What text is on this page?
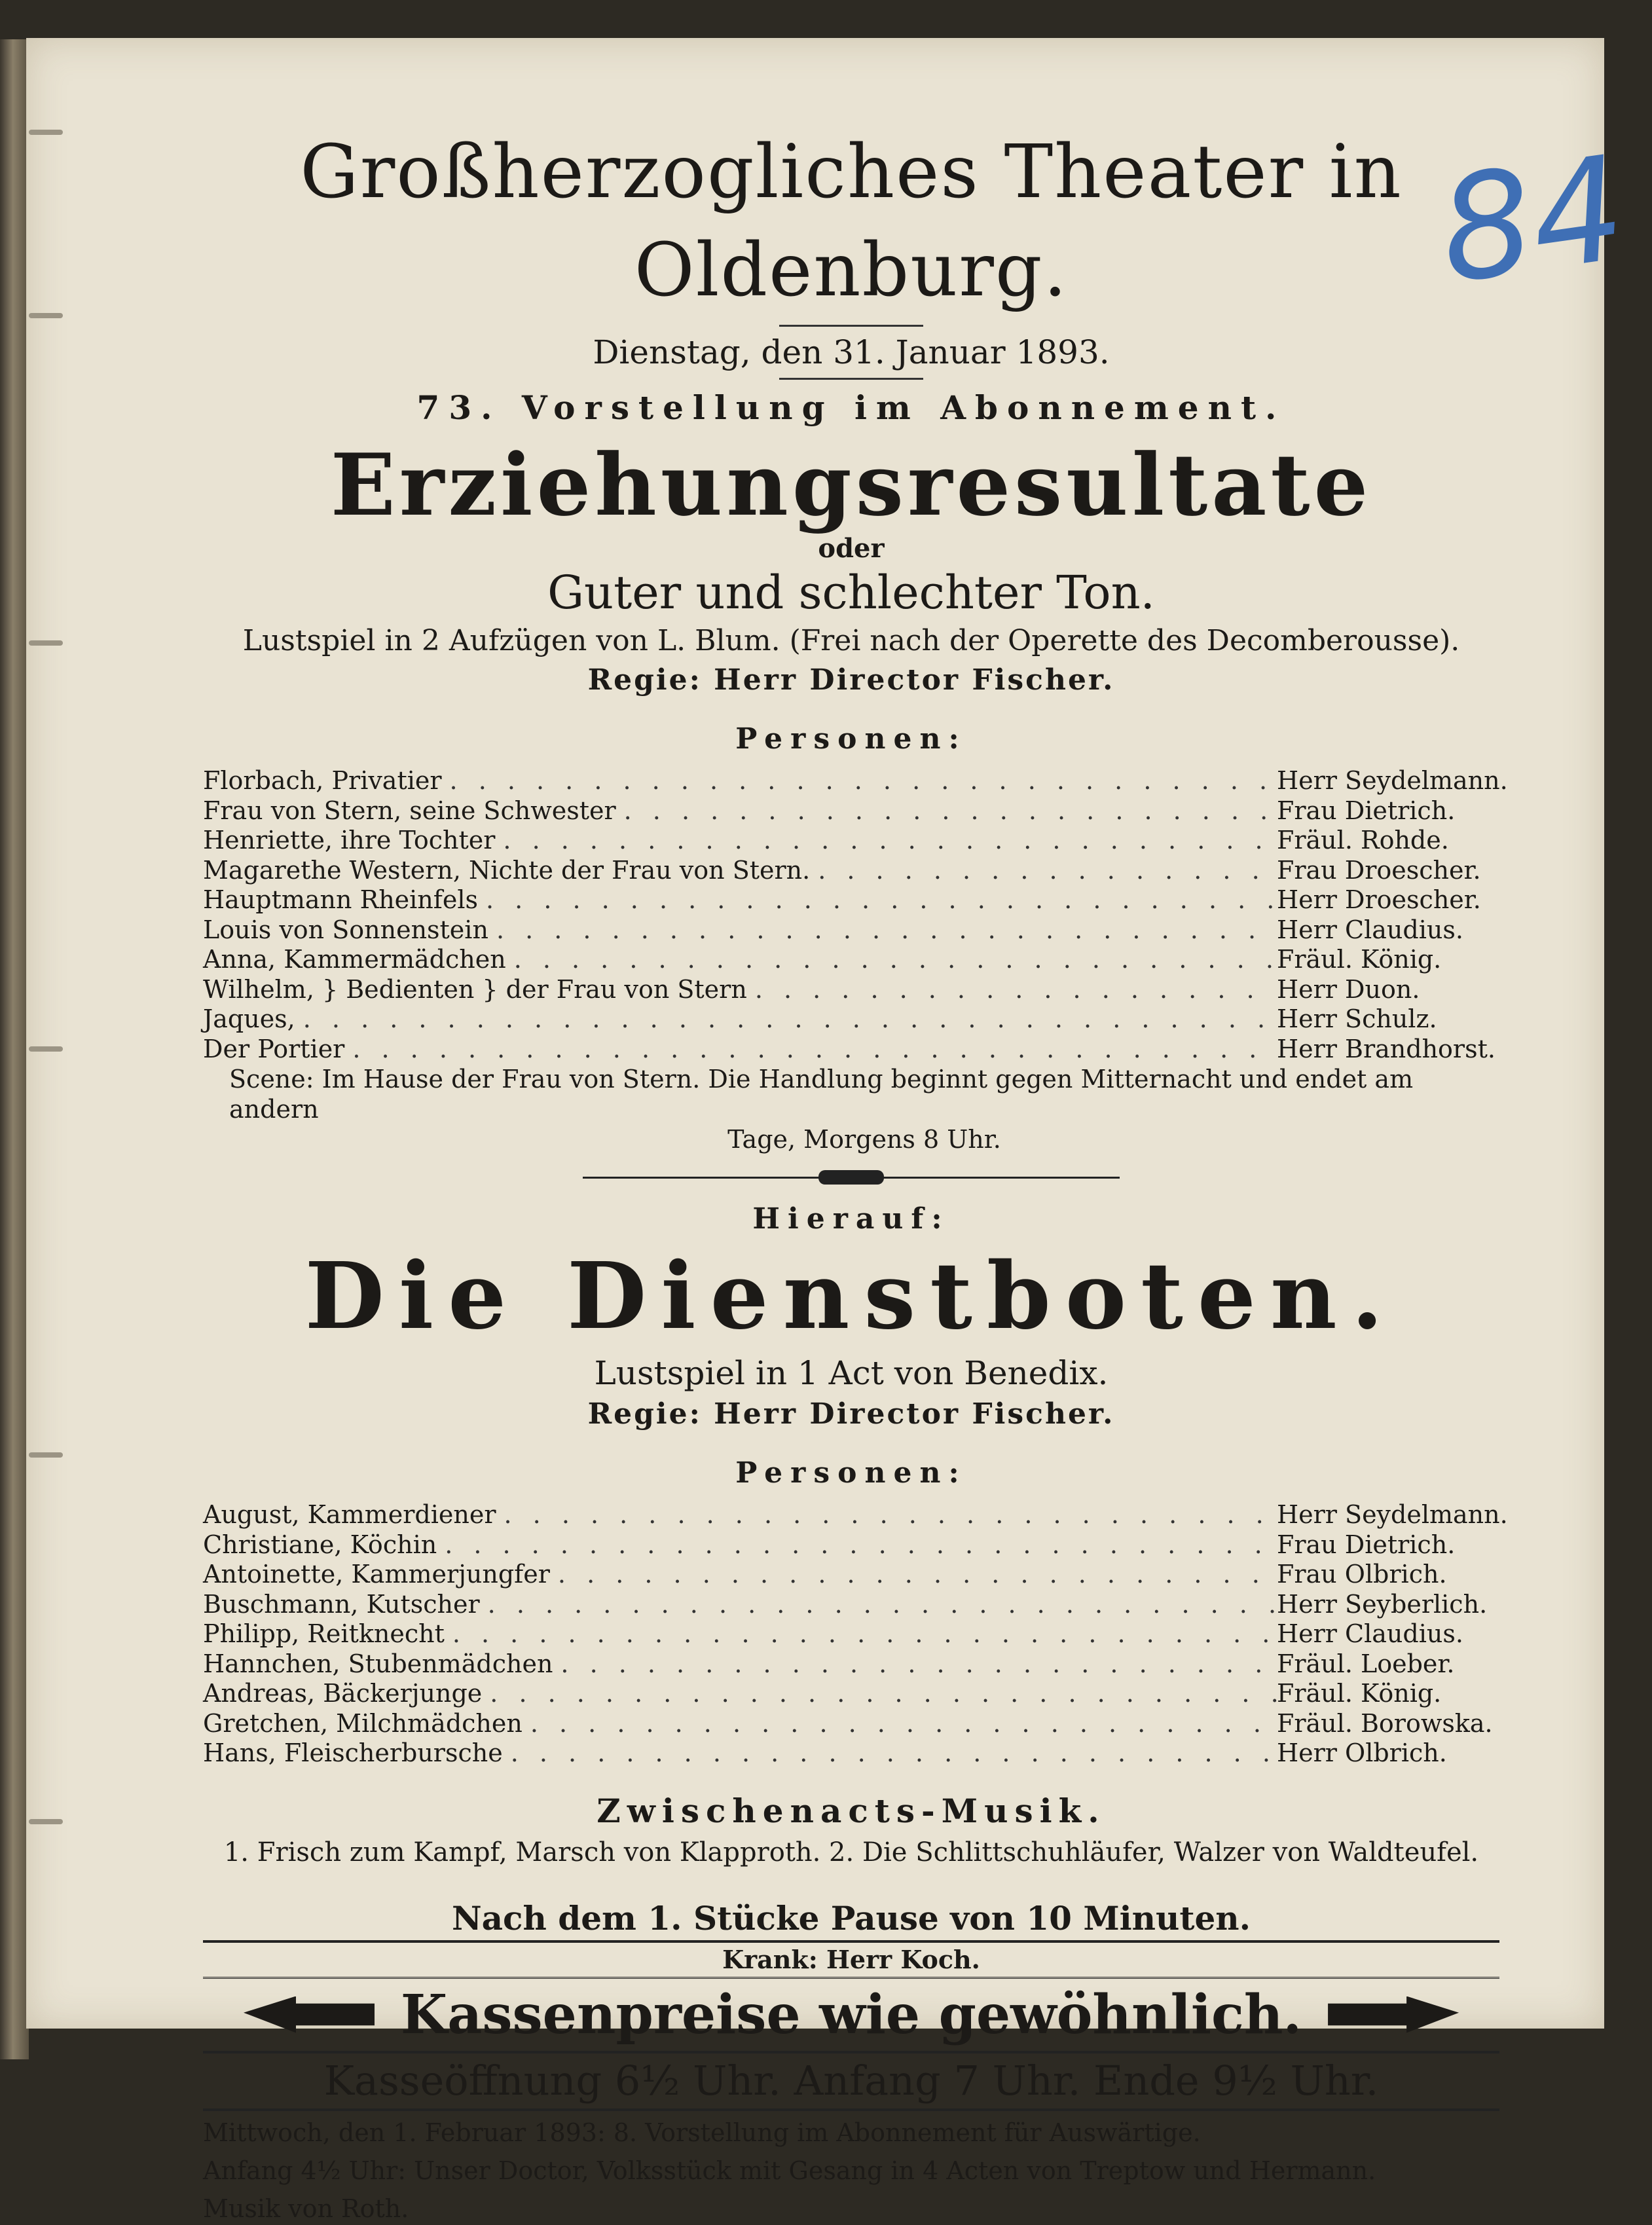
84
Großherzogliches Theater in Oldenburg.
Dienstag, den 31. Januar 1893.
73. Vorstellung im Abonnement.
Erziehungsresultate
oder
Guter und schlechter Ton.
Lustspiel in 2 Aufzügen von L. Blum. (Frei nach der Operette des Decomberousse).
Regie: Herr Director Fischer.
Personen:
Florbach, Privatier . . .	Herr Seydelmann.
Frau von Stern, seine Schwester . . .	Frau Dietrich.
Henriette, ihre Tochter . . .	Fräul. Rohde.
Magarethe Western, Nichte der Frau von Stern. . . .	Frau Droescher.
Hauptmann Rheinfels . . .	Herr Droescher.
Louis von Sonnenstein . . .	Herr Claudius.
Anna, Kammermädchen . . .	Fräul. König.
Wilhelm, } Bedienten } der Frau von Stern . . .	Herr Duon.
Jaques, . . .	Herr Schulz.
Der Portier . . .	Herr Brandhorst.
Scene: Im Hause der Frau von Stern. Die Handlung beginnt gegen Mitternacht und endet am andern
Tage, Morgens 8 Uhr.
Hierauf:
Die Dienstboten.
Lustspiel in 1 Act von Benedix.
Regie: Herr Director Fischer.
Personen:
August, Kammerdiener . . .	Herr Seydelmann.
Christiane, Köchin . . .	Frau Dietrich.
Antoinette, Kammerjungfer . . .	Frau Olbrich.
Buschmann, Kutscher . . .	Herr Seyberlich.
Philipp, Reitknecht . . .	Herr Claudius.
Hannchen, Stubenmädchen . . .	Fräul. Loeber.
Andreas, Bäckerjunge . . .	Fräul. König.
Gretchen, Milchmädchen . . .	Fräul. Borowska.
Hans, Fleischerbursche . . .	Herr Olbrich.
Zwischenacts-Musik.
1. Frisch zum Kampf, Marsch von Klapproth. 2. Die Schlittschuhläufer, Walzer von Waldteufel.
Nach dem 1. Stücke Pause von 10 Minuten.
Krank: Herr Koch.
Kassenpreise wie gewöhnlich.
Kasseöffnung 6½ Uhr. Anfang 7 Uhr. Ende 9½ Uhr.
Mittwoch, den 1. Februar 1893: 8. Vorstellung im Abonnement für Auswärtige.
Anfang 4½ Uhr: Unser Doctor, Volksstück mit Gesang in 4 Acten von Treptow und Hermann.
Musik von Roth.
